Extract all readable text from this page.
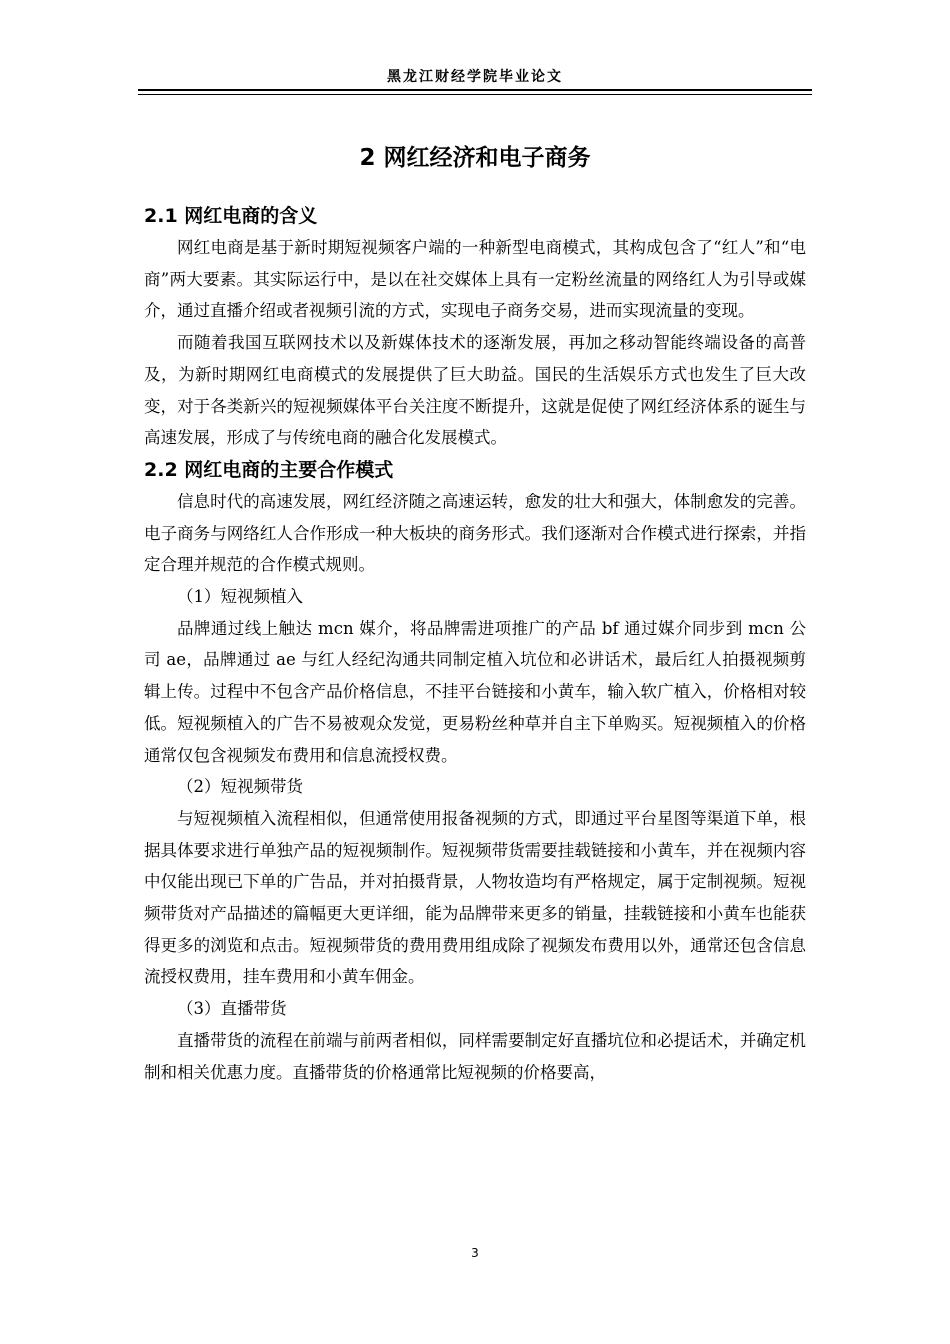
黑龙江财经学院毕业论文
2 网红经济和电子商务
2.1 网红电商的含义

网红电商是基于新时期短视频客户端的一种新型电商模式，其构成包含了“红人”和“电商”两大要素。其实际运行中，是以在社交媒体上具有一定粉丝流量的网络红人为引导或媒介，通过直播介绍或者视频引流的方式，实现电子商务交易，进而实现流量的变现。

而随着我国互联网技术以及新媒体技术的逐渐发展，再加之移动智能终端设备的高普及，为新时期网红电商模式的发展提供了巨大助益。国民的生活娱乐方式也发生了巨大改变，对于各类新兴的短视频媒体平台关注度不断提升，这就是促使了网红经济体系的诞生与高速发展，形成了与传统电商的融合化发展模式。

2.2 网红电商的主要合作模式

信息时代的高速发展，网红经济随之高速运转，愈发的壮大和强大，体制愈发的完善。电子商务与网络红人合作形成一种大板块的商务形式。我们逐渐对合作模式进行探索，并指定合理并规范的合作模式规则。

（1）短视频植入

品牌通过线上触达 mcn 媒介，将品牌需进项推广的产品 bf 通过媒介同步到 mcn 公司 ae，品牌通过 ae 与红人经纪沟通共同制定植入坑位和必讲话术，最后红人拍摄视频剪辑上传。过程中不包含产品价格信息，不挂平台链接和小黄车，输入软广植入，价格相对较低。短视频植入的广告不易被观众发觉，更易粉丝种草并自主下单购买。短视频植入的价格通常仅包含视频发布费用和信息流授权费。

（2）短视频带货

与短视频植入流程相似，但通常使用报备视频的方式，即通过平台星图等渠道下单，根据具体要求进行单独产品的短视频制作。短视频带货需要挂载链接和小黄车，并在视频内容中仅能出现已下单的广告品，并对拍摄背景，人物妆造均有严格规定，属于定制视频。短视频带货对产品描述的篇幅更大更详细，能为品牌带来更多的销量，挂载链接和小黄车也能获得更多的浏览和点击。短视频带货的费用费用组成除了视频发布费用以外，通常还包含信息流授权费用，挂车费用和小黄车佣金。

（3）直播带货

直播带货的流程在前端与前两者相似，同样需要制定好直播坑位和必提话术，并确定机制和相关优惠力度。直播带货的价格通常比短视频的价格要高，

3
